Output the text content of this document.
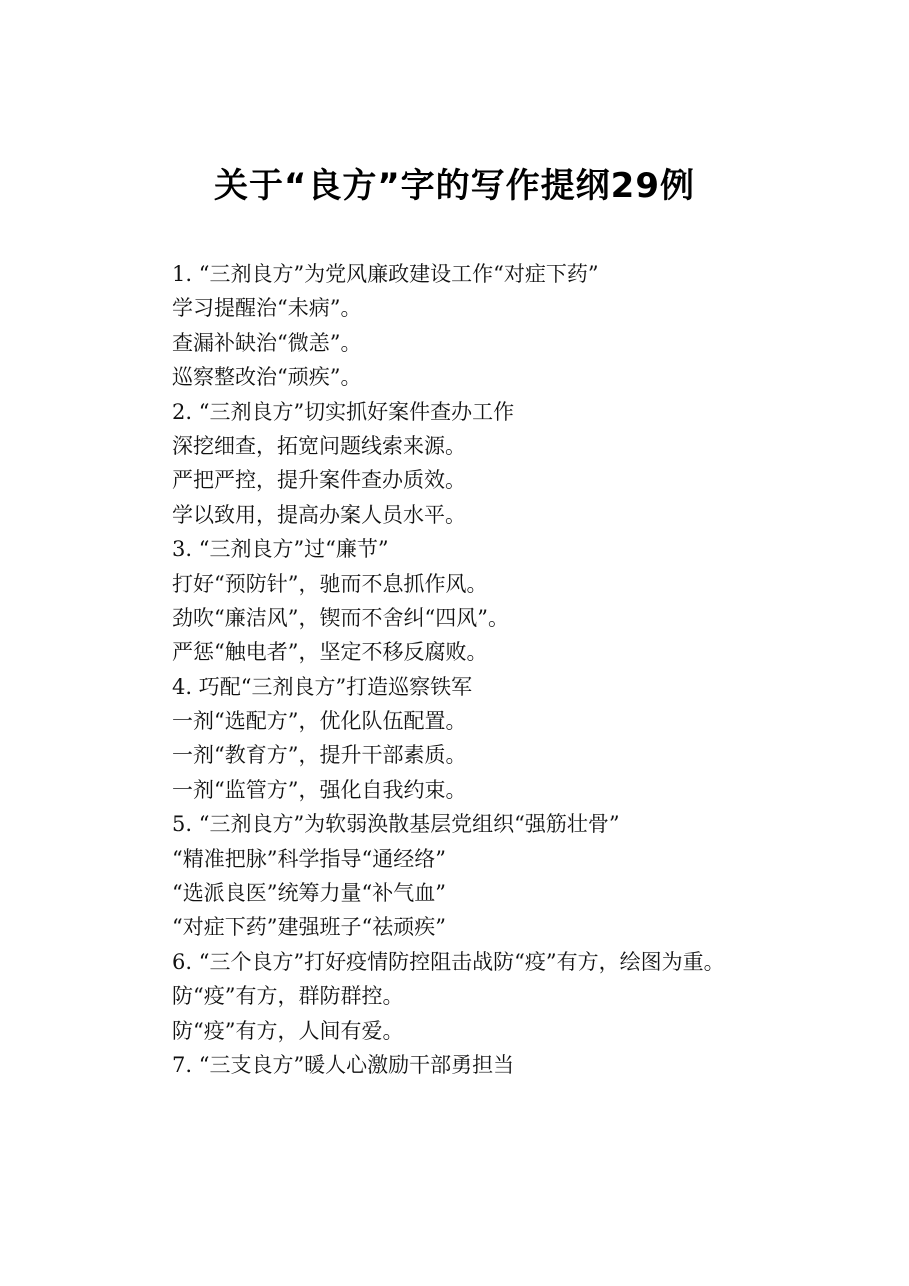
关于“良方”字的写作提纲29例
1. “三剂良方”为党风廉政建设工作“对症下药”
学习提醒治“未病”。
查漏补缺治“微恙”。
巡察整改治“顽疾”。
2. “三剂良方”切实抓好案件查办工作
深挖细查，拓宽问题线索来源。
严把严控，提升案件查办质效。
学以致用，提高办案人员水平。
3. “三剂良方”过“廉节”
打好“预防针”，驰而不息抓作风。
劲吹“廉洁风”，锲而不舍纠“四风”。
严惩“触电者”，坚定不移反腐败。
4. 巧配“三剂良方”打造巡察铁军
一剂“选配方”，优化队伍配置。
一剂“教育方”，提升干部素质。
一剂“监管方”，强化自我约束。
5. “三剂良方”为软弱涣散基层党组织“强筋壮骨”
“精准把脉”科学指导“通经络”
“选派良医”统筹力量“补气血”
“对症下药”建强班子“祛顽疾”
6. “三个良方”打好疫情防控阻击战防“疫”有方，绘图为重。
防“疫”有方，群防群控。
防“疫”有方，人间有爱。
7. “三支良方”暖人心激励干部勇担当
